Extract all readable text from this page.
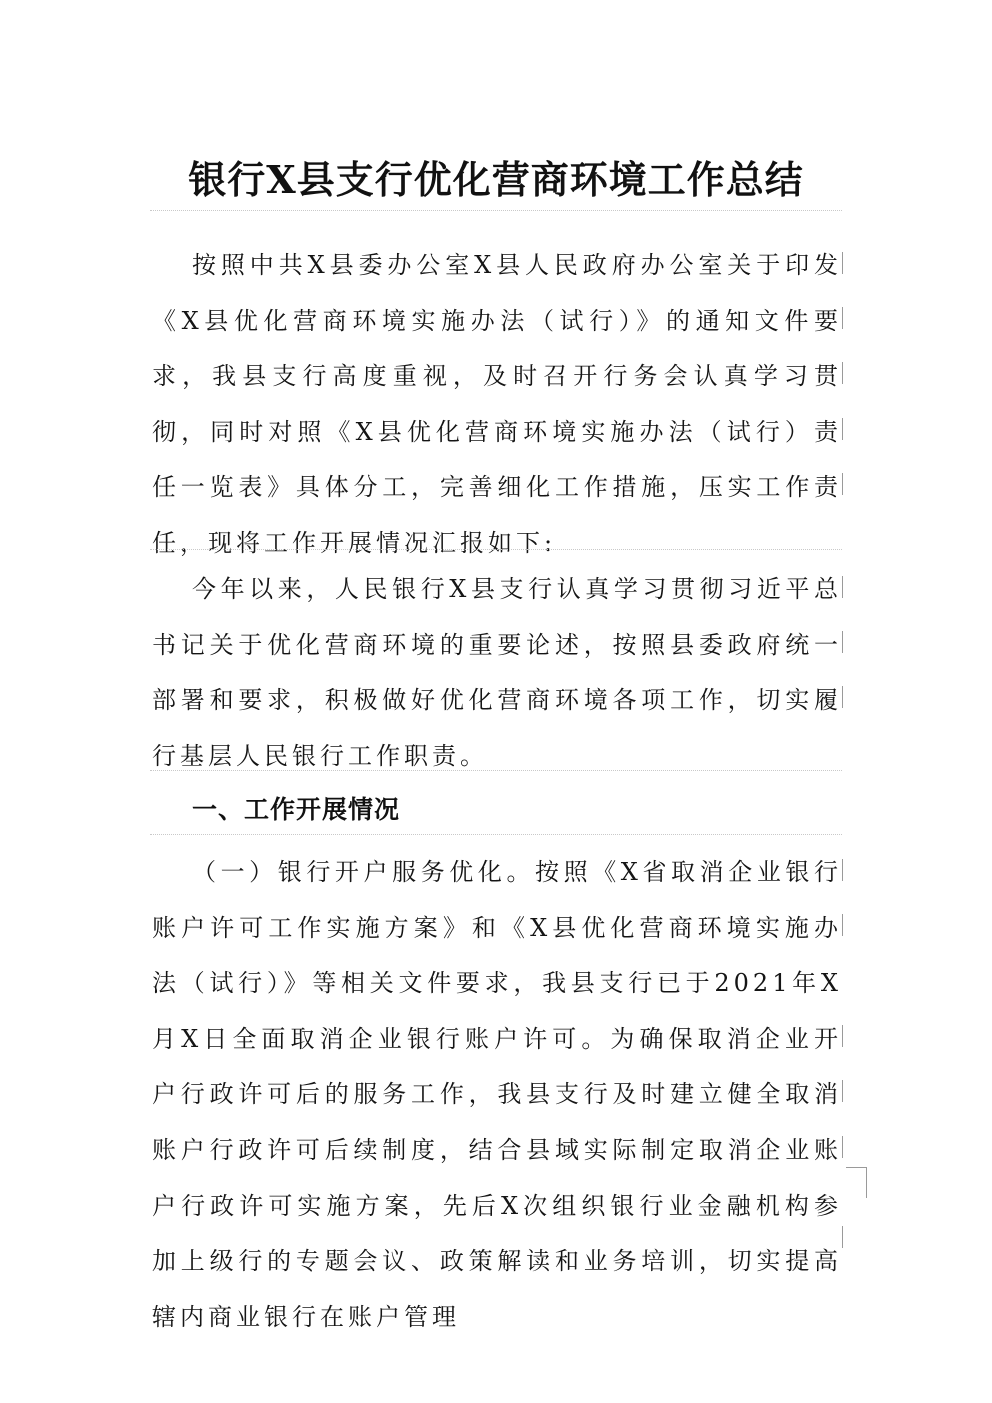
银行X县支行优化营商环境工作总结
按照中共X县委办公室X县人民政府办公室关于印发《X县优化营商环境实施办法（试行）》的通知文件要求，我县支行高度重视，及时召开行务会认真学习贯彻，同时对照《X县优化营商环境实施办法（试行）责任一览表》具体分工，完善细化工作措施，压实工作责任，现将工作开展情况汇报如下:
今年以来，人民银行X县支行认真学习贯彻习近平总书记关于优化营商环境的重要论述，按照县委政府统一部署和要求，积极做好优化营商环境各项工作，切实履行基层人民银行工作职责。
一、工作开展情况
（一）银行开户服务优化。按照《X省取消企业银行账户许可工作实施方案》和《X县优化营商环境实施办法（试行）》等相关文件要求，我县支行已于2021年X月X日全面取消企业银行账户许可。为确保取消企业开户行政许可后的服务工作，我县支行及时建立健全取消账户行政许可后续制度，结合县域实际制定取消企业账户行政许可实施方案，先后X次组织银行业金融机构参加上级行的专题会议、政策解读和业务培训，切实提高辖内商业银行在账户管理
